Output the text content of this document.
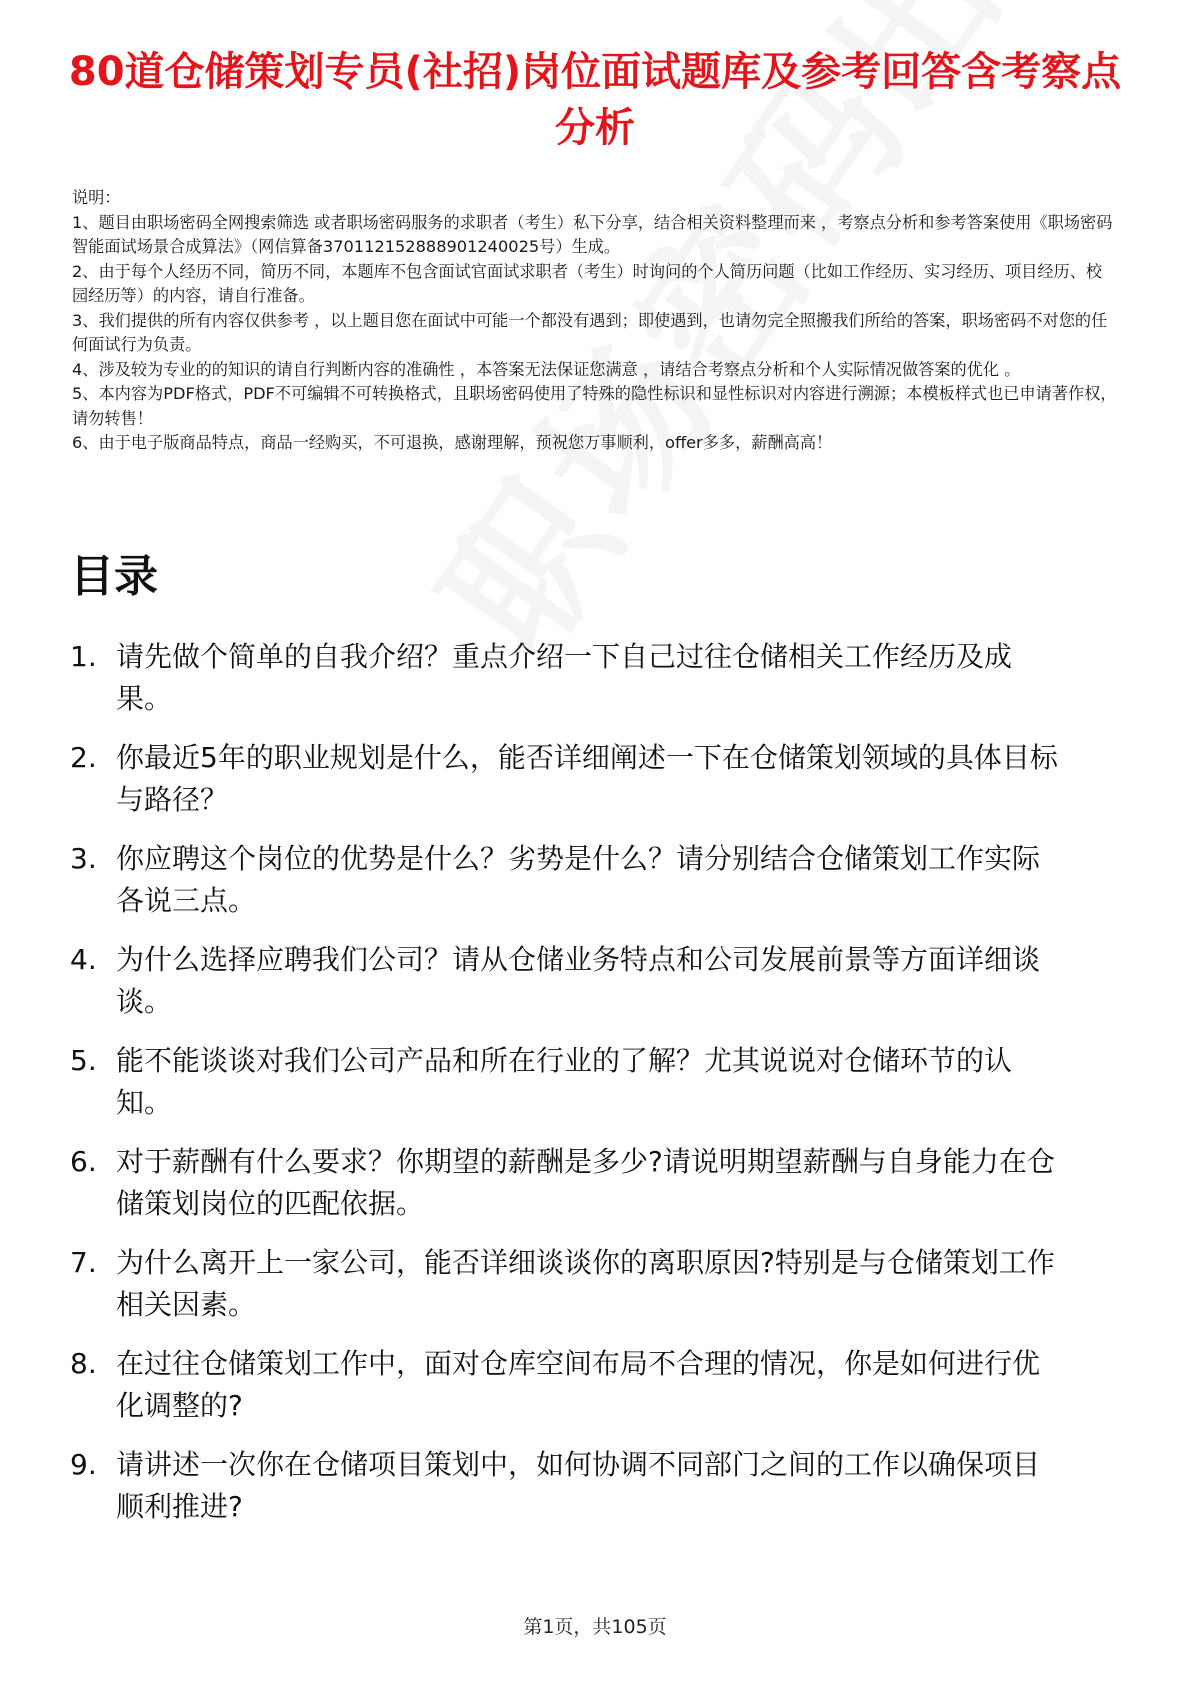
80道仓储策划专员(社招)岗位面试题库及参考回答含考察点分析

说明：

1、题目由职场密码全网搜索筛选 或者职场密码服务的求职者（考生）私下分享，结合相关资料整理而来 ，考察点分析和参考答案使用《职场密码智能面试场景合成算法》（网信算备370112152888901240025号）生成。

2、由于每个人经历不同，简历不同，本题库不包含面试官面试求职者（考生）时询问的个人简历问题（比如工作经历、实习经历、项目经历、校园经历等）的内容，请自行准备。

3、我们提供的所有内容仅供参考 ，以上题目您在面试中可能一个都没有遇到；即使遇到，也请勿完全照搬我们所给的答案，职场密码不对您的任何面试行为负责。

4、涉及较为专业的的知识的请自行判断内容的准确性 ，本答案无法保证您满意 ，请结合考察点分析和个人实际情况做答案的优化 。

5、本内容为PDF格式，PDF不可编辑不可转换格式，且职场密码使用了特殊的隐性标识和显性标识对内容进行溯源；本模板样式也已申请著作权，请勿转售！

6、由于电子版商品特点，商品一经购买，不可退换，感谢理解，预祝您万事顺利，offer多多，薪酬高高！

目录
1. 请先做个简单的自我介绍？重点介绍一下自己过往仓储相关工作经历及成果。
2. 你最近5年的职业规划是什么，能否详细阐述一下在仓储策划领域的具体目标与路径？
3. 你应聘这个岗位的优势是什么？劣势是什么？请分别结合仓储策划工作实际各说三点。
4. 为什么选择应聘我们公司？请从仓储业务特点和公司发展前景等方面详细谈谈。
5. 能不能谈谈对我们公司产品和所在行业的了解？尤其说说对仓储环节的认知。
6. 对于薪酬有什么要求？你期望的薪酬是多少?请说明期望薪酬与自身能力在仓储策划岗位的匹配依据。
7. 为什么离开上一家公司，能否详细谈谈你的离职原因?特别是与仓储策划工作相关因素。
8. 在过往仓储策划工作中，面对仓库空间布局不合理的情况，你是如何进行优化调整的?
9. 请讲述一次你在仓储项目策划中，如何协调不同部门之间的工作以确保项目顺利推进?
第1页，共105页
